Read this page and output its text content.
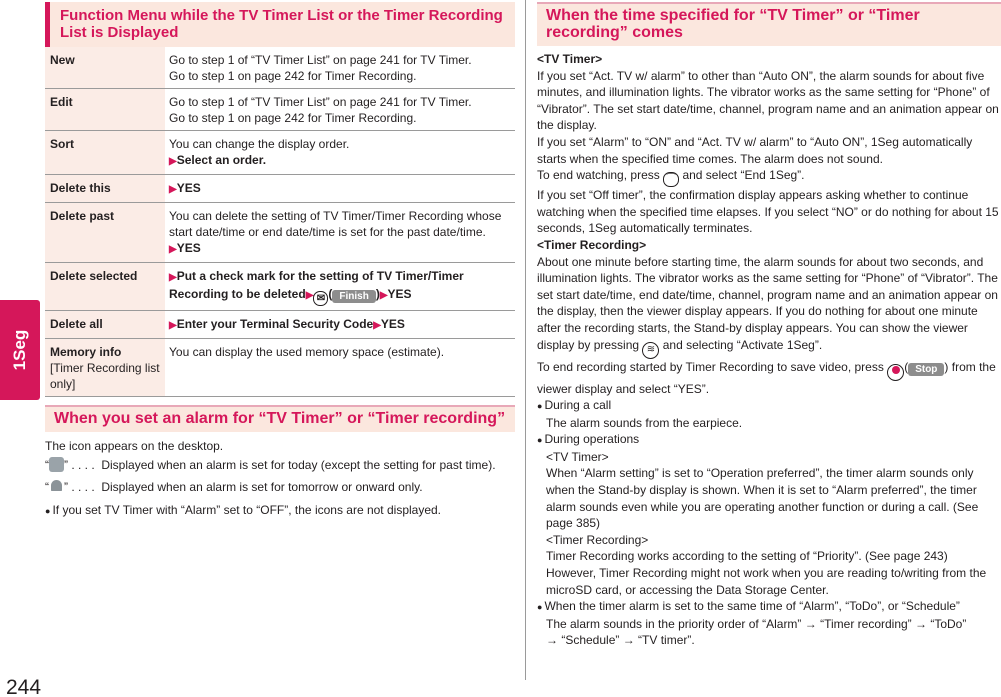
1Seg
244
Function Menu while the TV Timer List or the Timer Recording List is Displayed
New	Go to step 1 of “TV Timer List” on page 241 for TV Timer.
Go to step 1 on page 242 for Timer Recording.

Edit	Go to step 1 of “TV Timer List” on page 241 for TV Timer.
Go to step 1 on page 242 for Timer Recording.

Sort	You can change the display order.
▶Select an order.

Delete this	▶YES
Delete past	You can delete the setting of TV Timer/Timer Recording whose start date/time or end date/time is set for the past date/time.
▶YES

Delete selected	▶Put a check mark for the setting of TV Timer/Timer Recording to be deleted▶ ✉ ( Finish )▶YES
Delete all	▶Enter your Terminal Security Code▶YES
Memory info
[Timer Recording list only]	You can display the used memory space (estimate).
When you set an alarm for “TV Timer” or “Timer recording”

The icon appears on the desktop.

“ ” . . . . Displayed when an alarm is set for today (except the setting for past time).

“ ” . . . . Displayed when an alarm is set for tomorrow or onward only.

● If you set TV Timer with “Alarm” set to “OFF”, the icons are not displayed.

When the time specified for “TV Timer” or “Timer recording” comes

<TV Timer>

If you set “Act. TV w/ alarm” to other than “Auto ON”, the alarm sounds for about five minutes, and illumination lights. The vibrator works as the same setting for “Phone” of “Vibrator”. The set start date/time, channel, program name and an animation appear on the display.

If you set “Alarm” to “ON” and “Act. TV w/ alarm” to “Auto ON”, 1Seg automatically starts when the specified time comes. The alarm does not sound.

To end watching, press ⌒ and select “End 1Seg”.

If you set “Off timer”, the confirmation display appears asking whether to continue watching when the specified time elapses. If you select “NO” or do nothing for about 15 seconds, 1Seg automatically terminates.

<Timer Recording>

About one minute before starting time, the alarm sounds for about two seconds, and illumination lights. The vibrator works as the same setting for “Phone” of “Vibrator”. The set start date/time, end date/time, channel, program name and an animation appear on the display, then the viewer display appears. If you do nothing for about one minute after the recording starts, the Stand-by display appears. You can show the viewer display by pressing ≋ and selecting “Activate 1Seg”.

To end recording started by Timer Recording to save video, press ( Stop ) from the viewer display and select “YES”.

● During a call

The alarm sounds from the earpiece.

● During operations

<TV Timer>

When “Alarm setting” is set to “Operation preferred”, the timer alarm sounds only when the Stand-by display is shown. When it is set to “Alarm preferred”, the timer alarm sounds even while you are operating another function or during a call. (See page 385)

<Timer Recording>

Timer Recording works according to the setting of “Priority”. (See page 243) However, Timer Recording might not work when you are reading to/writing from the microSD card, or accessing the Data Storage Center.

● When the timer alarm is set to the same time of “Alarm”, “ToDo”, or “Schedule”

The alarm sounds in the priority order of “Alarm” → “Timer recording” → “ToDo”

→ “Schedule” → “TV timer”.
